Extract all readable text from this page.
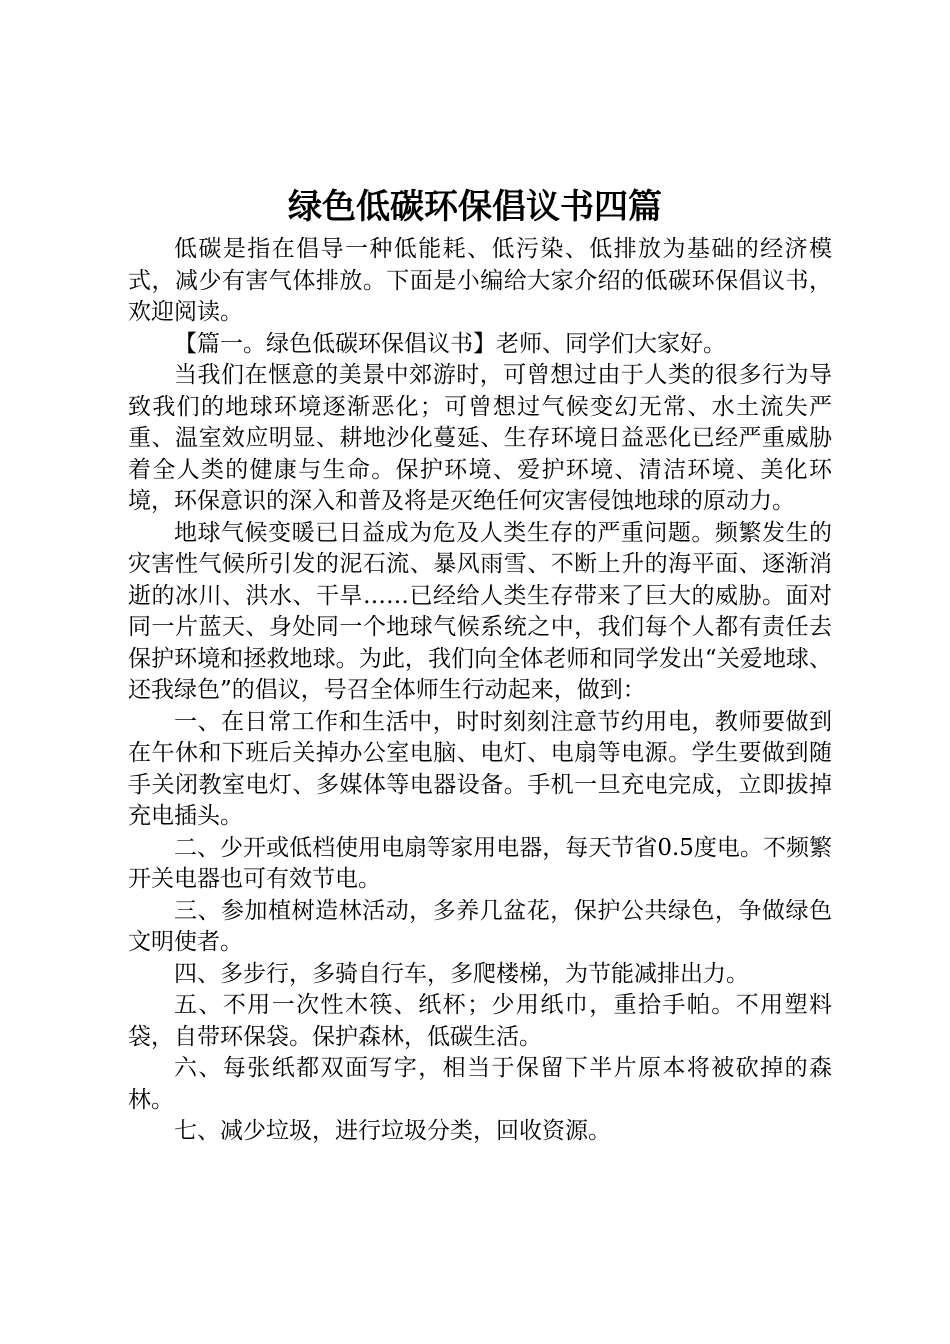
绿色低碳环保倡议书四篇

低碳是指在倡导一种低能耗、低污染、低排放为基础的经济模式，减少有害气体排放。下面是小编给大家介绍的低碳环保倡议书，欢迎阅读。

【篇一。绿色低碳环保倡议书】老师、同学们大家好。

当我们在惬意的美景中郊游时，可曾想过由于人类的很多行为导致我们的地球环境逐渐恶化；可曾想过气候变幻无常、水土流失严重、温室效应明显、耕地沙化蔓延、生存环境日益恶化已经严重威胁着全人类的健康与生命。保护环境、爱护环境、清洁环境、美化环境，环保意识的深入和普及将是灭绝任何灾害侵蚀地球的原动力。

地球气候变暖已日益成为危及人类生存的严重问题。频繁发生的灾害性气候所引发的泥石流、暴风雨雪、不断上升的海平面、逐渐消逝的冰川、洪水、干旱……已经给人类生存带来了巨大的威胁。面对同一片蓝天、身处同一个地球气候系统之中，我们每个人都有责任去保护环境和拯救地球。为此，我们向全体老师和同学发出“关爱地球、还我绿色”的倡议，号召全体师生行动起来，做到：

一、在日常工作和生活中，时时刻刻注意节约用电，教师要做到在午休和下班后关掉办公室电脑、电灯、电扇等电源。学生要做到随手关闭教室电灯、多媒体等电器设备。手机一旦充电完成，立即拔掉充电插头。

二、少开或低档使用电扇等家用电器，每天节省0.5度电。不频繁开关电器也可有效节电。

三、参加植树造林活动，多养几盆花，保护公共绿色，争做绿色文明使者。

四、多步行，多骑自行车，多爬楼梯，为节能减排出力。

五、不用一次性木筷、纸杯；少用纸巾，重拾手帕。不用塑料袋，自带环保袋。保护森林，低碳生活。

六、每张纸都双面写字，相当于保留下半片原本将被砍掉的森林。

七、减少垃圾，进行垃圾分类，回收资源。
